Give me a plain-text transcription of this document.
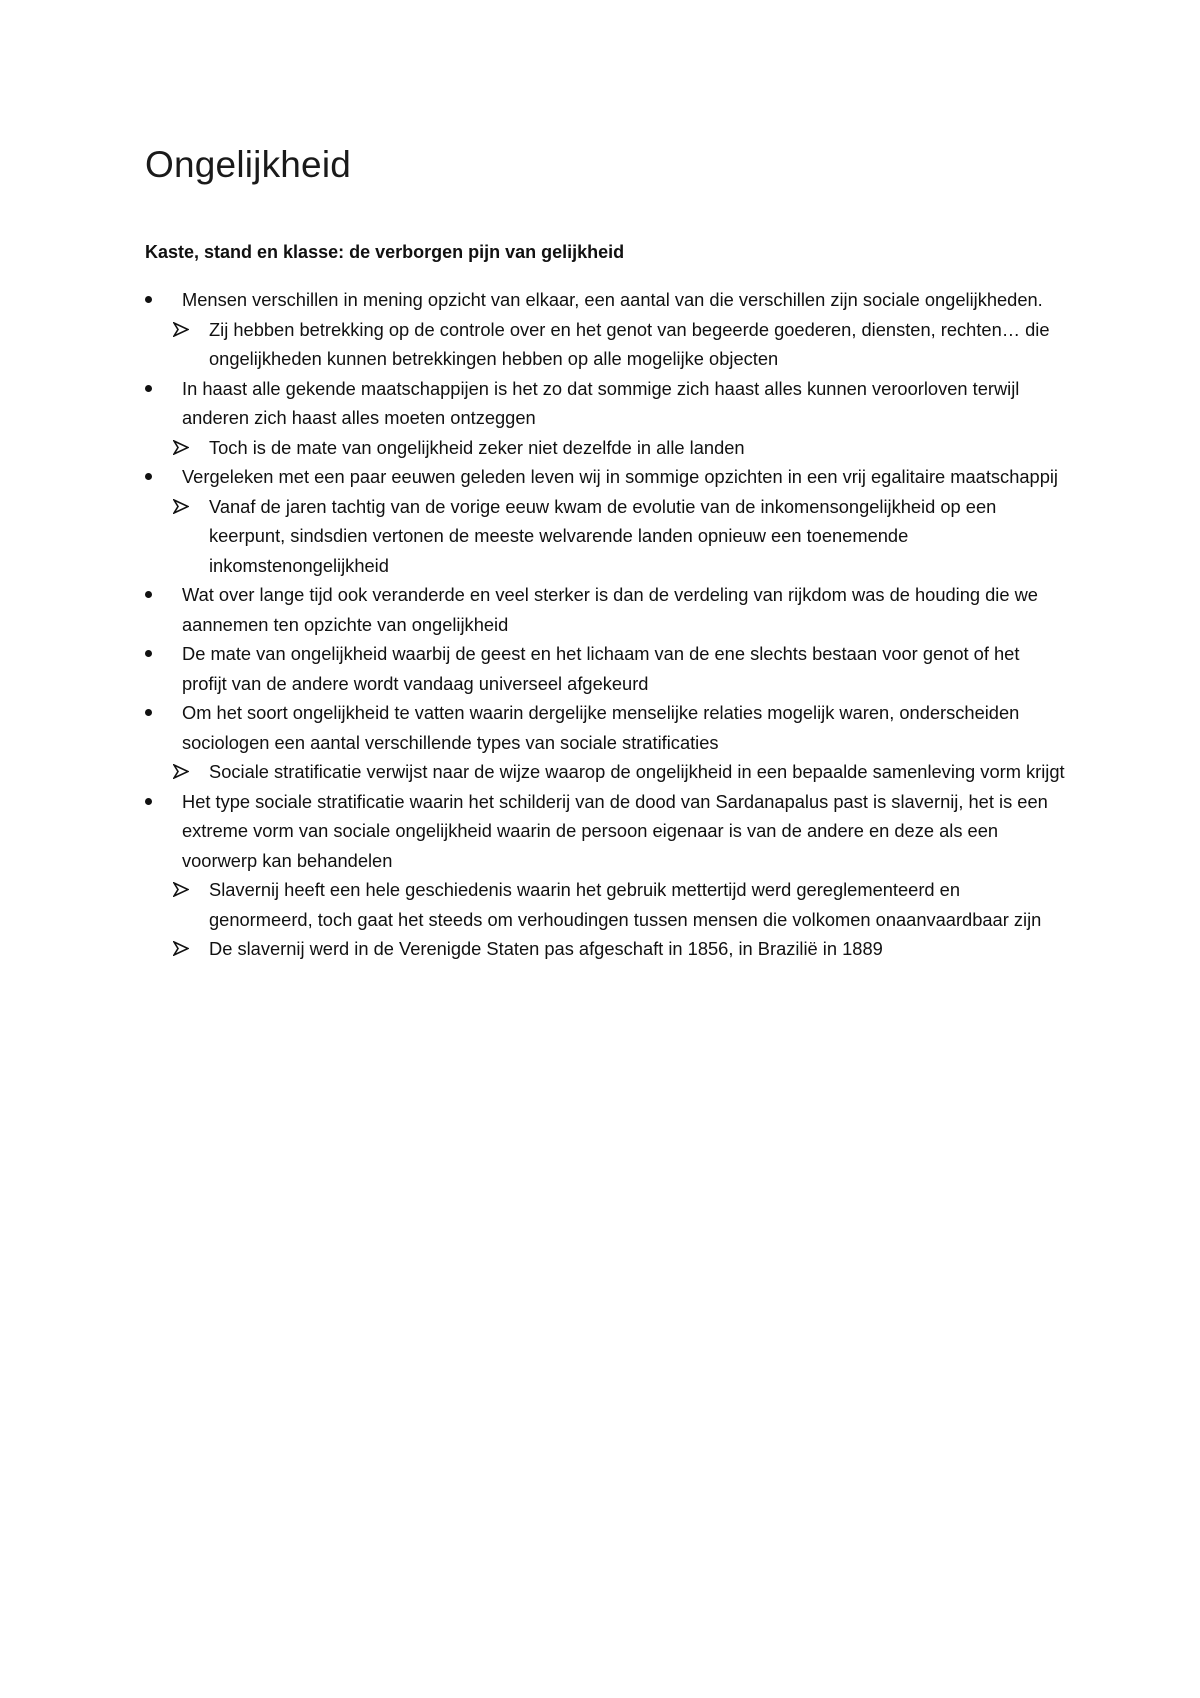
Ongelijkheid
Kaste, stand en klasse: de verborgen pijn van gelijkheid
Mensen verschillen in mening opzicht van elkaar, een aantal van die verschillen zijn sociale ongelijkheden.
Zij hebben betrekking op de controle over en het genot van begeerde goederen, diensten, rechten… die ongelijkheden kunnen betrekkingen hebben op alle mogelijke objecten
In haast alle gekende maatschappijen is het zo dat sommige zich haast alles kunnen veroorloven terwijl anderen zich haast alles moeten ontzeggen
Toch is de mate van ongelijkheid zeker niet dezelfde in alle landen
Vergeleken met een paar eeuwen geleden leven wij in sommige opzichten in een vrij egalitaire maatschappij
Vanaf de jaren tachtig van de vorige eeuw kwam de evolutie van de inkomensongelijkheid op een keerpunt, sindsdien vertonen de meeste welvarende landen opnieuw een toenemende inkomstenongelijkheid
Wat over lange tijd ook veranderde en veel sterker is dan de verdeling van rijkdom was de houding die we aannemen ten opzichte van ongelijkheid
De mate van ongelijkheid waarbij de geest en het lichaam van de ene slechts bestaan voor genot of het profijt van de andere wordt vandaag universeel afgekeurd
Om het soort ongelijkheid te vatten waarin dergelijke menselijke relaties mogelijk waren, onderscheiden sociologen een aantal verschillende types van sociale stratificaties
Sociale stratificatie verwijst naar de wijze waarop de ongelijkheid in een bepaalde samenleving vorm krijgt
Het type sociale stratificatie waarin het schilderij van de dood van Sardanapalus past is slavernij, het is een extreme vorm van sociale ongelijkheid waarin de persoon eigenaar is van de andere en deze als een voorwerp kan behandelen
Slavernij heeft een hele geschiedenis waarin het gebruik mettertijd werd gereglementeerd en genormeerd, toch gaat het steeds om verhoudingen tussen mensen die volkomen onaanvaardbaar zijn
De slavernij werd in de Verenigde Staten pas afgeschaft in 1856, in Brazilië in 1889
